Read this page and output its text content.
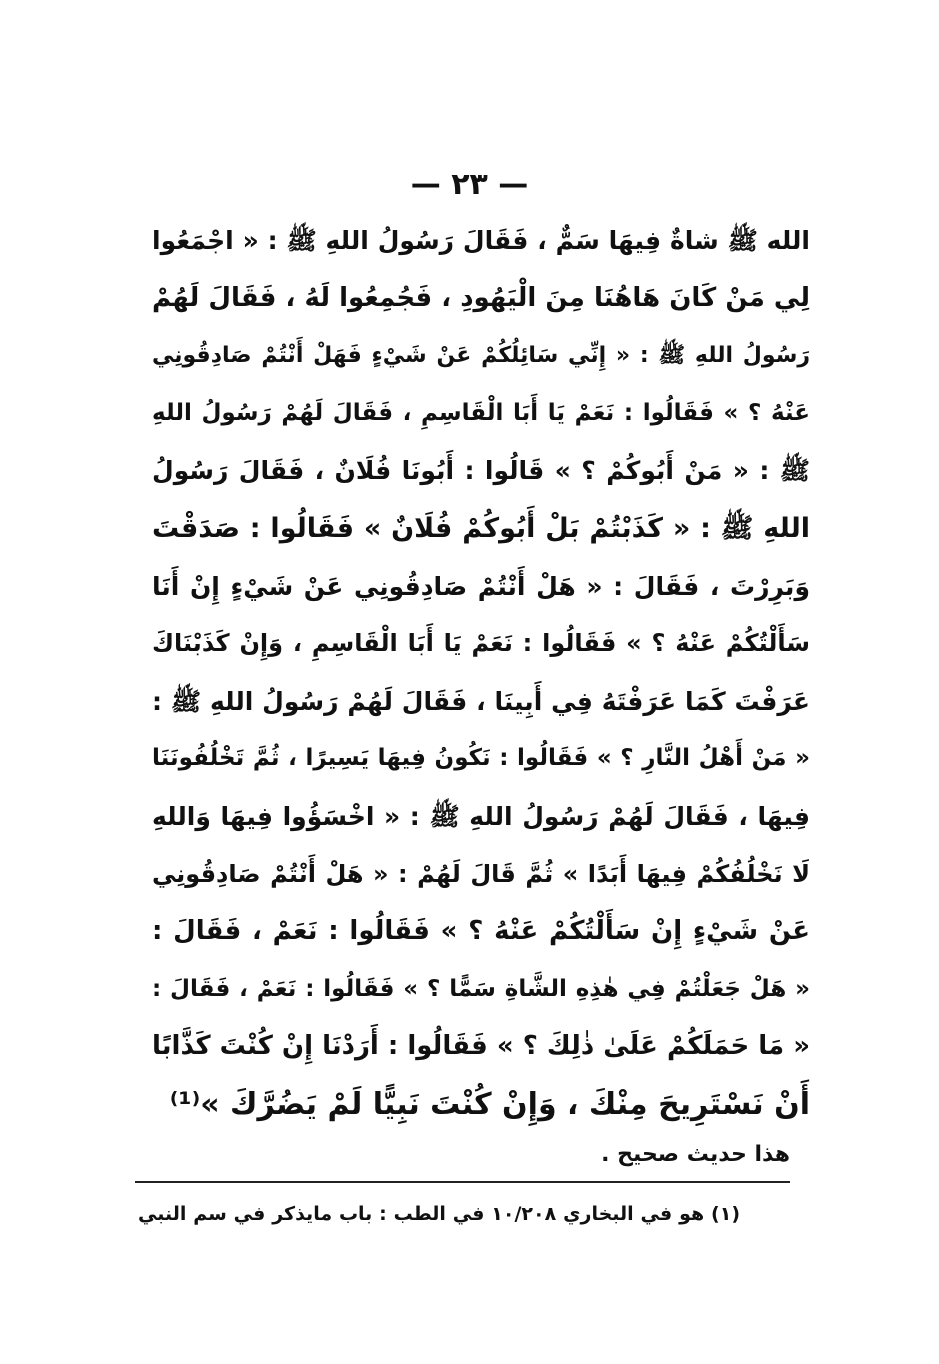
— ٢٣ —
الله ﷺ شاةٌ فِيهَا سَمٌّ ، فَقَالَ رَسُولُ اللهِ ﷺ : « اجْمَعُوا
لِي مَنْ كَانَ هَاهُنَا مِنَ الْيَهُودِ ، فَجُمِعُوا لَهُ ، فَقَالَ لَهُمْ
رَسُولُ اللهِ ﷺ : « إِنِّي سَائِلُكُمْ عَنْ شَيْءٍ فَهَلْ أَنْتُمْ صَادِقُونِي
عَنْهُ ؟ » فَقَالُوا : نَعَمْ يَا أَبَا الْقَاسِمِ ، فَقَالَ لَهُمْ رَسُولُ اللهِ
ﷺ : « مَنْ أَبُوكُمْ ؟ » قَالُوا : أَبُونَا فُلَانٌ ، فَقَالَ رَسُولُ
اللهِ ﷺ : « كَذَبْتُمْ بَلْ أَبُوكُمْ فُلَانٌ » فَقَالُوا : صَدَقْتَ
وَبَرِرْتَ ، فَقَالَ : « هَلْ أَنْتُمْ صَادِقُونِي عَنْ شَيْءٍ إِنْ أَنَا
سَأَلْتُكُمْ عَنْهُ ؟ » فَقَالُوا : نَعَمْ يَا أَبَا الْقَاسِمِ ، وَإِنْ كَذَبْنَاكَ
عَرَفْتَ كَمَا عَرَفْتَهُ فِي أَبِينَا ، فَقَالَ لَهُمْ رَسُولُ اللهِ ﷺ :
« مَنْ أَهْلُ النَّارِ ؟ » فَقَالُوا : نَكُونُ فِيهَا يَسِيرًا ، ثُمَّ تَخْلُفُونَنَا
فِيهَا ، فَقَالَ لَهُمْ رَسُولُ اللهِ ﷺ : « اخْسَؤُوا فِيهَا وَاللهِ
لَا نَخْلُفُكُمْ فِيهَا أَبَدًا » ثُمَّ قَالَ لَهُمْ : « هَلْ أَنْتُمْ صَادِقُونِي
عَنْ شَيْءٍ إِنْ سَأَلْتُكُمْ عَنْهُ ؟ » فَقَالُوا : نَعَمْ ، فَقَالَ :
« هَلْ جَعَلْتُمْ فِي هٰذِهِ الشَّاةِ سَمًّا ؟ » فَقَالُوا : نَعَمْ ، فَقَالَ :
« مَا حَمَلَكُمْ عَلَىٰ ذٰلِكَ ؟ » فَقَالُوا : أَرَدْنَا إِنْ كُنْتَ كَذَّابًا
أَنْ نَسْتَرِيحَ مِنْكَ ، وَإِنْ كُنْتَ نَبِيًّا لَمْ يَضُرَّكَ »⁽¹⁾
هذا حديث صحيح .
(١) هو في البخاري ١٠/٢٠٨ في الطب : باب مايذكر في سم النبي
